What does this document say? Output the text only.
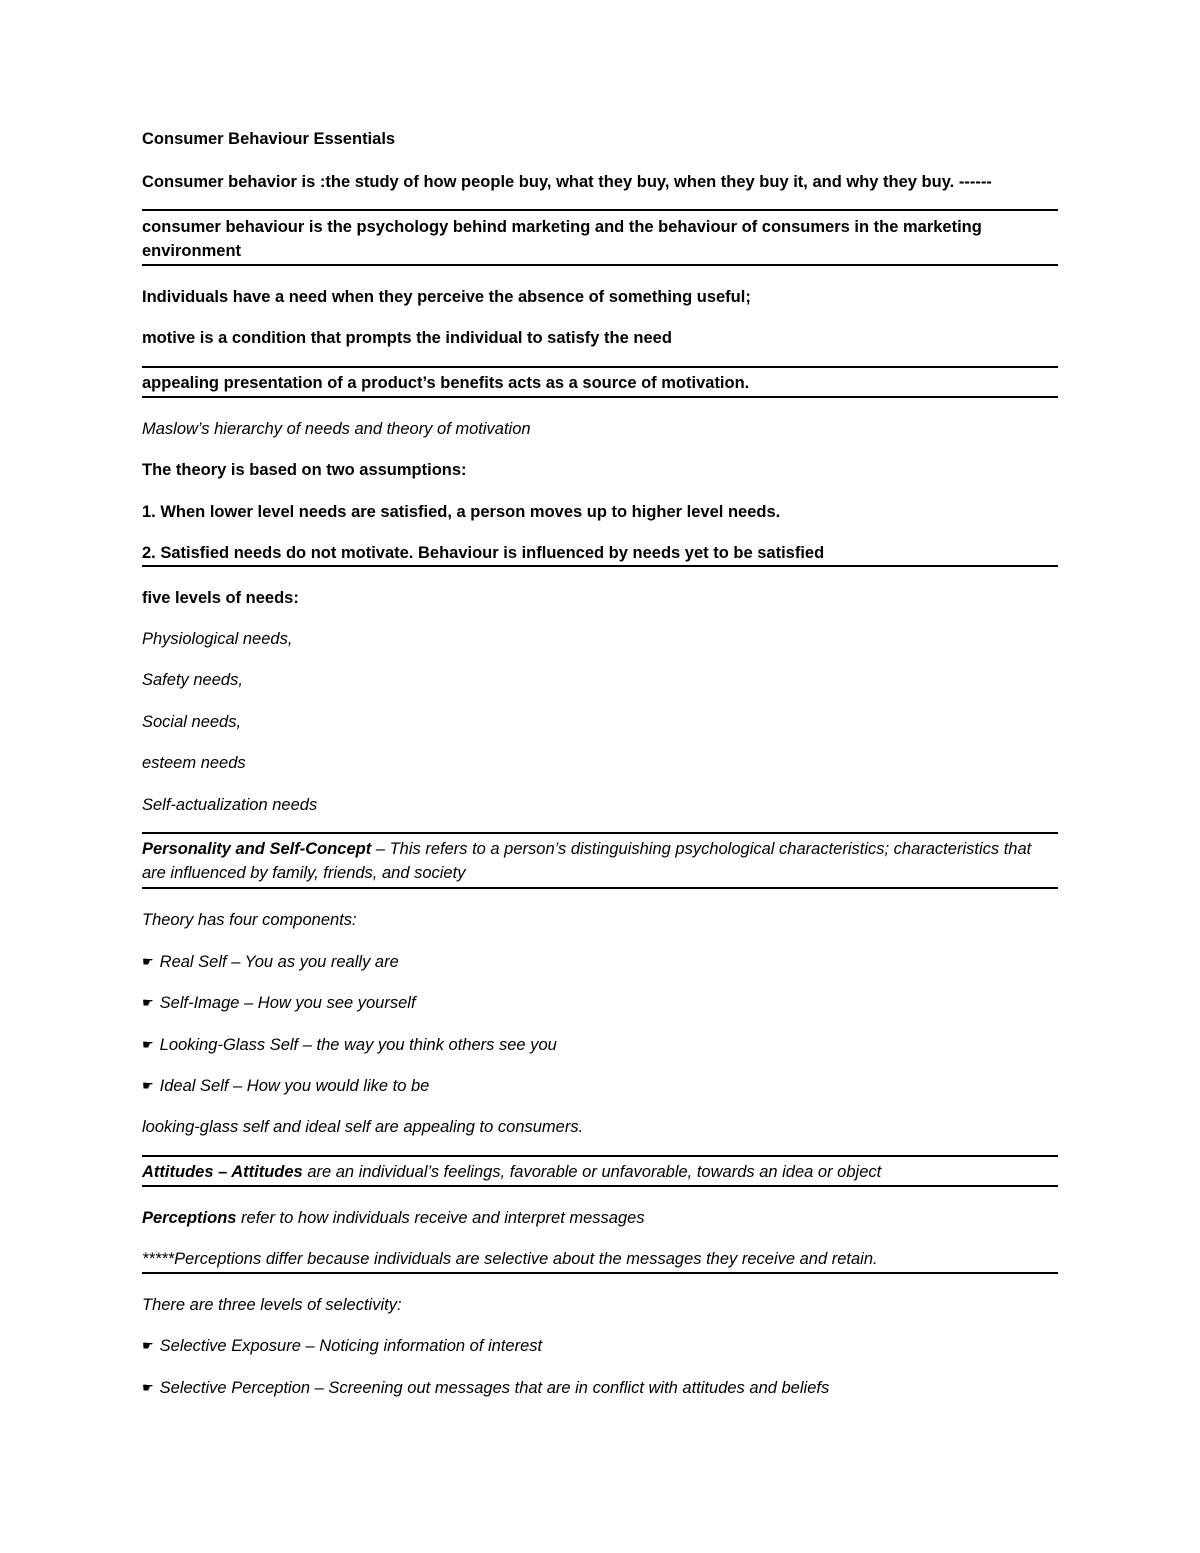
Consumer Behaviour Essentials
Consumer behavior is :the study of how people buy, what they buy, when they buy it, and why they buy. ------
consumer behaviour is the psychology behind marketing and the behaviour of consumers in the marketing environment
Individuals have a need when they perceive the absence of something useful;
motive is a condition that prompts the individual to satisfy the need
appealing presentation of a product’s benefits acts as a source of motivation.
Maslow’s hierarchy of needs and theory of motivation
The theory is based on two assumptions:
1. When lower level needs are satisfied, a person moves up to higher level needs.
2. Satisfied needs do not motivate. Behaviour is influenced by needs yet to be satisfied
five levels of needs:
Physiological needs,
Safety needs,
Social needs,
esteem needs
Self-actualization needs
Personality and Self-Concept – This refers to a person’s distinguishing psychological characteristics; characteristics that are influenced by family, friends, and society
Theory has four components:
☛ Real Self – You as you really are
☛ Self-Image – How you see yourself
☛ Looking-Glass Self – the way you think others see you
☛ Ideal Self – How you would like to be
looking-glass self and ideal self are appealing to consumers.
Attitudes – Attitudes are an individual’s feelings, favorable or unfavorable, towards an idea or object
Perceptions refer to how individuals receive and interpret messages
*****Perceptions differ because individuals are selective about the messages they receive and retain.
There are three levels of selectivity:
☛ Selective Exposure – Noticing information of interest
☛ Selective Perception – Screening out messages that are in conflict with attitudes and beliefs
